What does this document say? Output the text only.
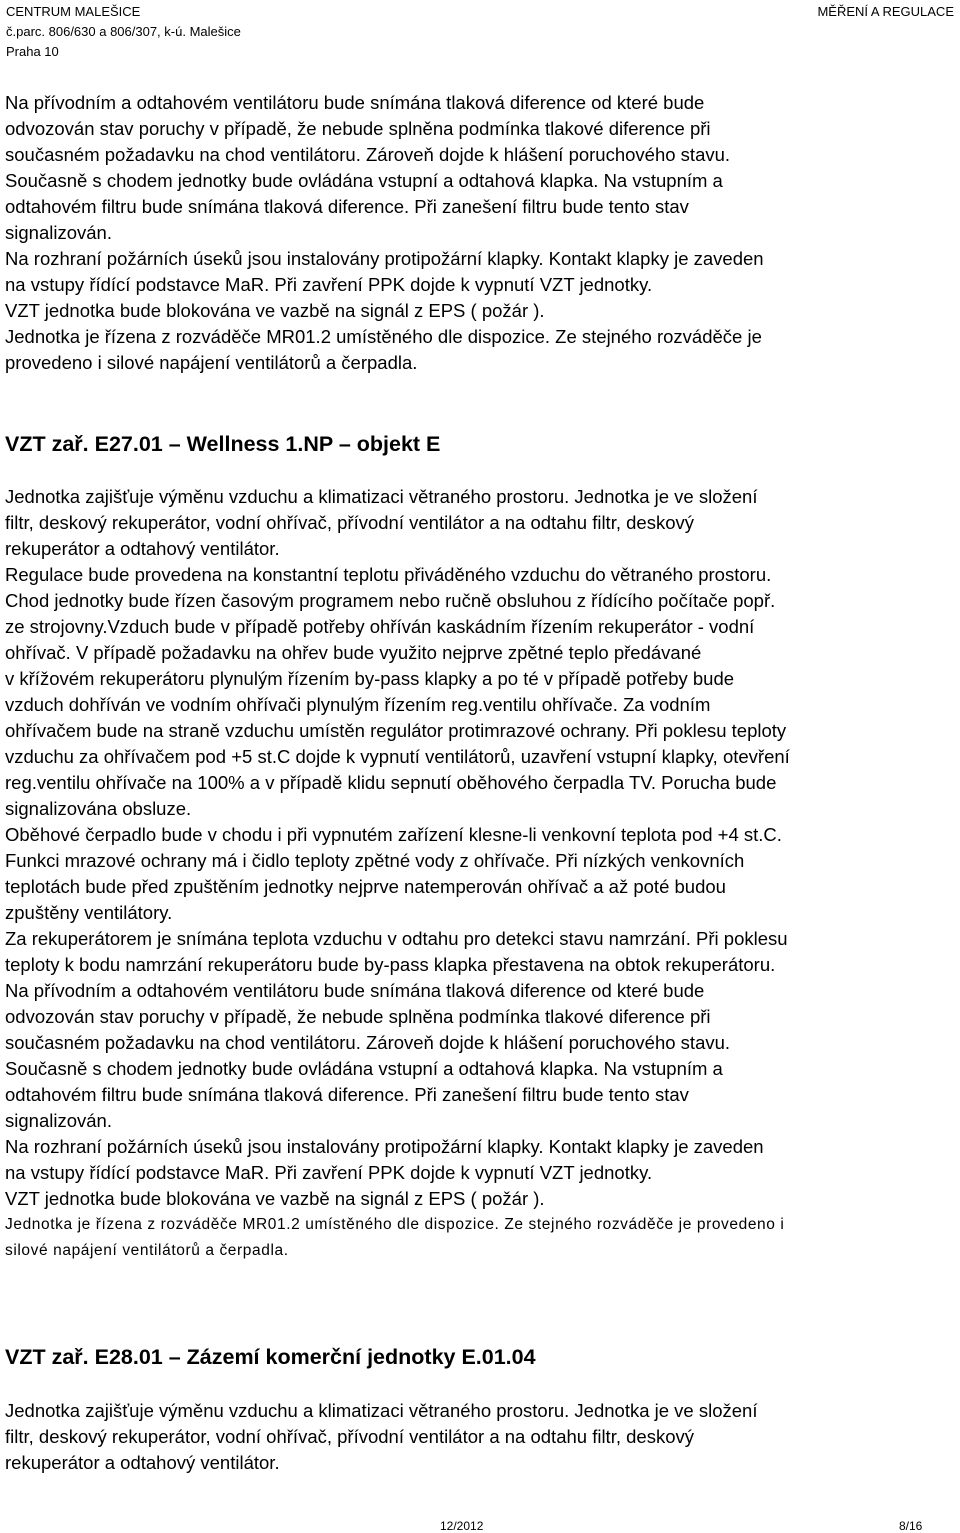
CENTRUM MALEŠICE
č.parc. 806/630 a 806/307, k-ú. Malešice
Praha 10
MĚŘENÍ A REGULACE
Na přívodním a odtahovém ventilátoru bude snímána tlaková diference od které bude
odvozován stav poruchy v případě, že nebude splněna podmínka tlakové diference při
současném požadavku na chod ventilátoru. Zároveň dojde k hlášení poruchového stavu.
Současně s chodem jednotky bude ovládána vstupní a odtahová klapka. Na vstupním a
odtahovém filtru bude snímána tlaková diference. Při zanešení filtru bude tento stav
signalizován.
Na rozhraní požárních úseků jsou instalovány protipožární klapky. Kontakt klapky je zaveden
na vstupy řídící podstavce MaR. Při zavření PPK dojde k vypnutí VZT jednotky.
VZT jednotka bude blokována ve vazbě na signál z EPS ( požár ).
Jednotka je řízena z rozváděče MR01.2 umístěného dle dispozice. Ze stejného rozváděče je
provedeno i silové napájení ventilátorů a čerpadla.
VZT zař. E27.01 – Wellness 1.NP – objekt E
Jednotka zajišťuje výměnu vzduchu a klimatizaci větraného prostoru. Jednotka je ve složení
filtr, deskový rekuperátor, vodní ohřívač, přívodní ventilátor a na odtahu filtr, deskový
rekuperátor a odtahový ventilátor.
Regulace bude provedena na konstantní teplotu přiváděného vzduchu do větraného prostoru.
Chod jednotky bude řízen časovým programem nebo ručně obsluhou z řídícího počítače popř.
ze strojovny.Vzduch bude v případě potřeby ohříván kaskádním řízením rekuperátor - vodní
ohřívač. V případě požadavku na ohřev bude využito nejprve zpětné teplo předávané
v křížovém rekuperátoru plynulým řízením by-pass klapky a po té v případě potřeby bude
vzduch dohříván ve vodním ohřívači plynulým řízením reg.ventilu ohřívače. Za vodním
ohřívačem bude na straně vzduchu umístěn regulátor protimrazové ochrany. Při poklesu teploty
vzduchu za ohřívačem pod +5 st.C dojde k vypnutí ventilátorů, uzavření vstupní klapky, otevření
reg.ventilu ohřívače na 100% a v případě klidu sepnutí oběhového čerpadla TV. Porucha bude
signalizována obsluze.
Oběhové čerpadlo bude v chodu i při vypnutém zařízení klesne-li venkovní teplota pod +4 st.C.
Funkci mrazové ochrany má i čidlo teploty zpětné vody z ohřívače. Při nízkých venkovních
teplotách bude před zpuštěním jednotky nejprve natemperován ohřívač a až poté budou
zpuštěny ventilátory.
Za rekuperátorem je snímána teplota vzduchu v odtahu pro detekci stavu namrzání. Při poklesu
teploty k bodu namrzání rekuperátoru bude by-pass klapka přestavena na obtok rekuperátoru.
Na přívodním a odtahovém ventilátoru bude snímána tlaková diference od které bude
odvozován stav poruchy v případě, že nebude splněna podmínka tlakové diference při
současném požadavku na chod ventilátoru. Zároveň dojde k hlášení poruchového stavu.
Současně s chodem jednotky bude ovládána vstupní a odtahová klapka. Na vstupním a
odtahovém filtru bude snímána tlaková diference. Při zanešení filtru bude tento stav
signalizován.
Na rozhraní požárních úseků jsou instalovány protipožární klapky. Kontakt klapky je zaveden
na vstupy řídící podstavce MaR. Při zavření PPK dojde k vypnutí VZT jednotky.
VZT jednotka bude blokována ve vazbě na signál z EPS ( požár ).
Jednotka je řízena z rozváděče MR01.2 umístěného dle dispozice. Ze stejného rozváděče je provedeno i
silové napájení ventilátorů a čerpadla.
VZT zař. E28.01 – Zázemí komerční jednotky E.01.04
Jednotka zajišťuje výměnu vzduchu a klimatizaci větraného prostoru. Jednotka je ve složení
filtr, deskový rekuperátor, vodní ohřívač, přívodní ventilátor a na odtahu filtr, deskový
rekuperátor a odtahový ventilátor.
12/2012	8/16
